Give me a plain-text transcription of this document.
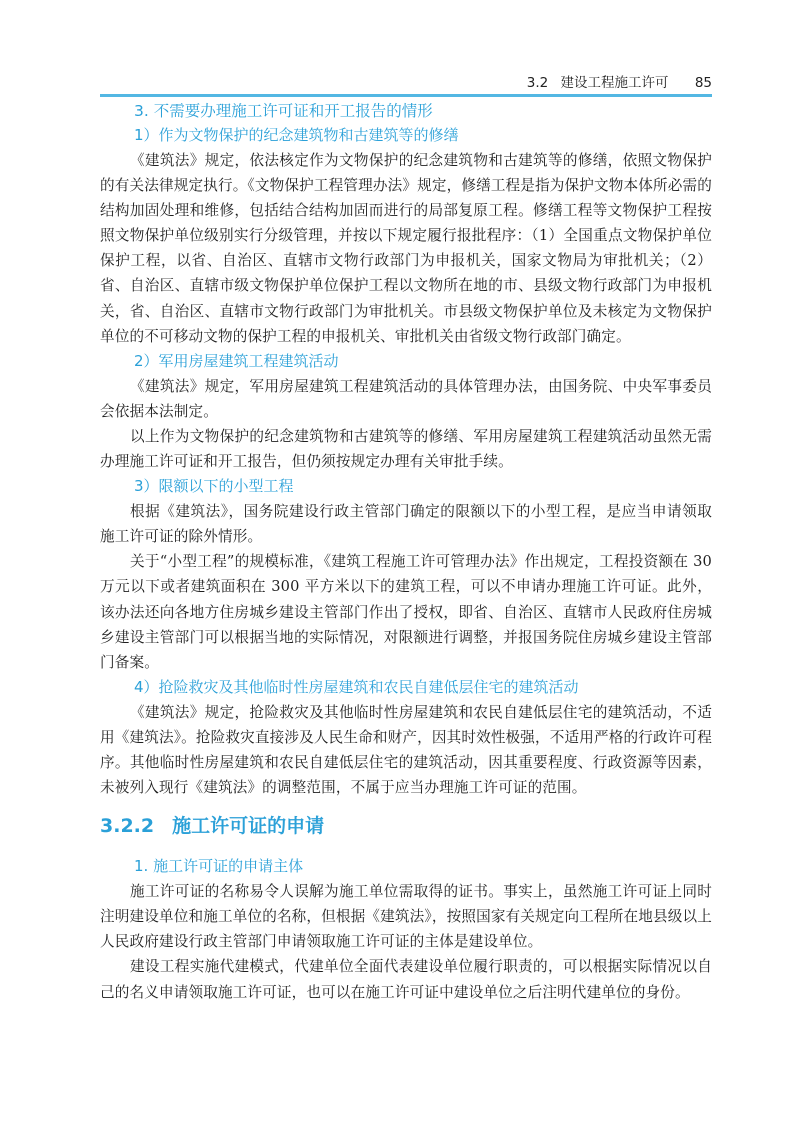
3.2 建设工程施工许可 85
3. 不需要办理施工许可证和开工报告的情形
1）作为文物保护的纪念建筑物和古建筑等的修缮

《建筑法》规定，依法核定作为文物保护的纪念建筑物和古建筑等的修缮，依照文物保护的有关法律规定执行。《文物保护工程管理办法》规定，修缮工程是指为保护文物本体所必需的结构加固处理和维修，包括结合结构加固而进行的局部复原工程。修缮工程等文物保护工程按照文物保护单位级别实行分级管理，并按以下规定履行报批程序：（1）全国重点文物保护单位保护工程，以省、自治区、直辖市文物行政部门为申报机关，国家文物局为审批机关；（2）省、自治区、直辖市级文物保护单位保护工程以文物所在地的市、县级文物行政部门为申报机关，省、自治区、直辖市文物行政部门为审批机关。市县级文物保护单位及未核定为文物保护单位的不可移动文物的保护工程的申报机关、审批机关由省级文物行政部门确定。

2）军用房屋建筑工程建筑活动

《建筑法》规定，军用房屋建筑工程建筑活动的具体管理办法，由国务院、中央军事委员会依据本法制定。

以上作为文物保护的纪念建筑物和古建筑等的修缮、军用房屋建筑工程建筑活动虽然无需办理施工许可证和开工报告，但仍须按规定办理有关审批手续。

3）限额以下的小型工程

根据《建筑法》，国务院建设行政主管部门确定的限额以下的小型工程，是应当申请领取施工许可证的除外情形。

关于“小型工程”的规模标准，《建筑工程施工许可管理办法》作出规定，工程投资额在 30 万元以下或者建筑面积在 300 平方米以下的建筑工程，可以不申请办理施工许可证。此外，该办法还向各地方住房城乡建设主管部门作出了授权，即省、自治区、直辖市人民政府住房城乡建设主管部门可以根据当地的实际情况，对限额进行调整，并报国务院住房城乡建设主管部门备案。

4）抢险救灾及其他临时性房屋建筑和农民自建低层住宅的建筑活动

《建筑法》规定，抢险救灾及其他临时性房屋建筑和农民自建低层住宅的建筑活动，不适用《建筑法》。抢险救灾直接涉及人民生命和财产，因其时效性极强，不适用严格的行政许可程序。其他临时性房屋建筑和农民自建低层住宅的建筑活动，因其重要程度、行政资源等因素，未被列入现行《建筑法》的调整范围，不属于应当办理施工许可证的范围。

3.2.2 施工许可证的申请
1. 施工许可证的申请主体

施工许可证的名称易令人误解为施工单位需取得的证书。事实上，虽然施工许可证上同时注明建设单位和施工单位的名称，但根据《建筑法》，按照国家有关规定向工程所在地县级以上人民政府建设行政主管部门申请领取施工许可证的主体是建设单位。

建设工程实施代建模式，代建单位全面代表建设单位履行职责的，可以根据实际情况以自己的名义申请领取施工许可证，也可以在施工许可证中建设单位之后注明代建单位的身份。
